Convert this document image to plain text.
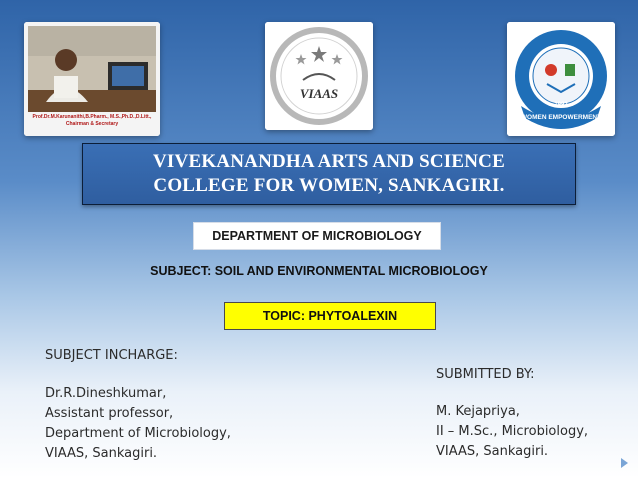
Prof.Dr.M.Karunanithi,B.Pharm., M.S.,Ph.D.,D.Litt.,
Chairman & Secretary
VIAAS
1992
WOMEN EMPOWERMENT
VIVEKANANDHA ARTS AND SCIENCE
COLLEGE FOR WOMEN, SANKAGIRI.
DEPARTMENT OF MICROBIOLOGY
SUBJECT: SOIL AND ENVIRONMENTAL MICROBIOLOGY
TOPIC: PHYTOALEXIN
SUBJECT INCHARGE:
Dr.R.Dineshkumar,
Assistant professor,
Department of Microbiology,
VIAAS, Sankagiri.
SUBMITTED BY:
M. Kejapriya,
II – M.Sc., Microbiology,
VIAAS, Sankagiri.
